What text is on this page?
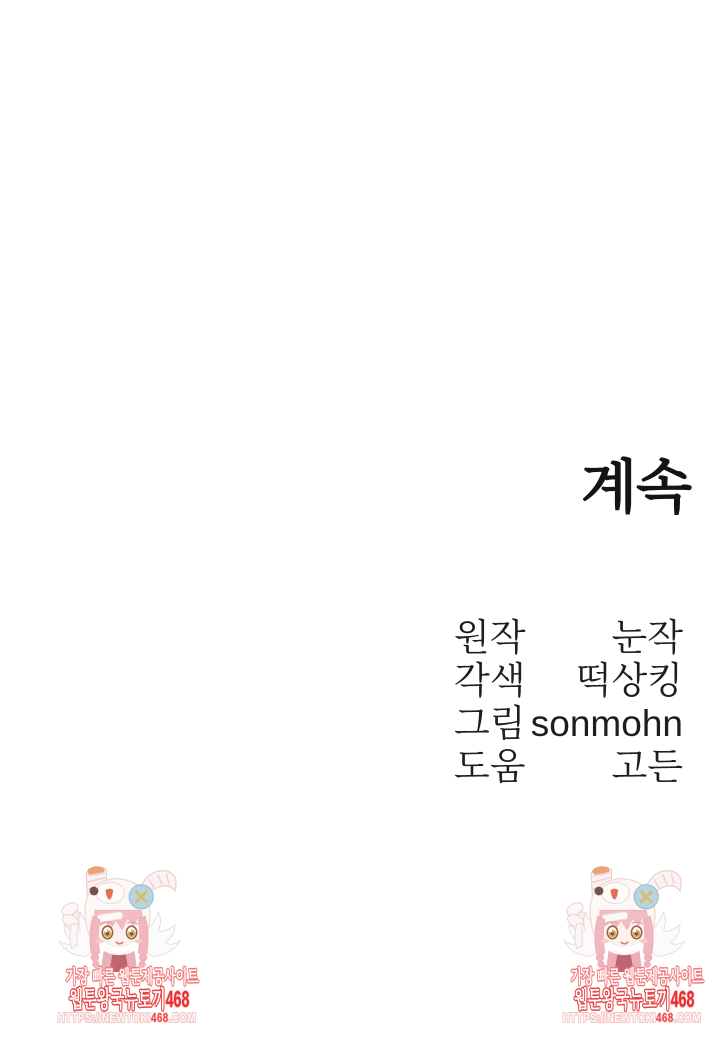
계속
원작 눈작
각색 떡상킹
그림 sonmohn
도움 고든
가장 빠른 웹툰제공사이트
웹툰왕국뉴토끼468
HTTPS://NEWTOKI468.COM
가장 빠른 웹툰제공사이트
웹툰왕국뉴토끼468
HTTPS://NEWTOKI468.COM
